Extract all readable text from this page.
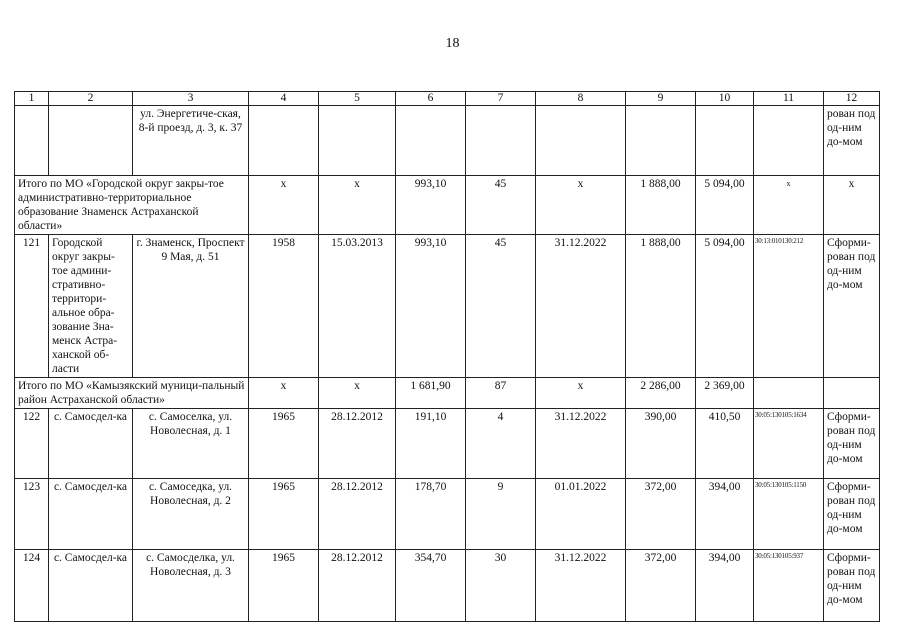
18
1	2	3	4	5	6	7	8	9	10	11	12
		ул. Энергетиче-ская, 8-й проезд, д. 3, к. 37									рован под од-ним до-мом
Итого по МО «Городской округ закры-тое административно-территориальное образование Знаменск Астраханской области»			x	x	993,10	45	x	1 888,00	5 094,00	x	x
121	Городской округ закры-тое админи-стративно-территори-альное обра-зование Зна-менск Астра-ханской об-ласти	г. Знаменск, Проспект 9 Мая, д. 51	1958	15.03.2013	993,10	45	31.12.2022	1 888,00	5 094,00	30:13:010130:212	Сформи-рован под од-ним до-мом
Итого по МО «Камызякский муници-пальный район Астраханской области»			x	x	1 681,90	87	x	2 286,00	2 369,00		
122	с. Самосдел-ка	с. Самоселка, ул. Новолесная, д. 1	1965	28.12.2012	191,10	4	31.12.2022	390,00	410,50	30:05:130105:1634	Сформи-рован под од-ним до-мом
123	с. Самосдел-ка	с. Самоседка, ул. Новолесная, д. 2	1965	28.12.2012	178,70	9	01.01.2022	372,00	394,00	30:05:130105:1150	Сформи-рован под од-ним до-мом
124	с. Самосдел-ка	с. Самосделка, ул. Новолесная, д. 3	1965	28.12.2012	354,70	30	31.12.2022	372,00	394,00	30:05:130105:937	Сформи-рован под од-ним до-мом
